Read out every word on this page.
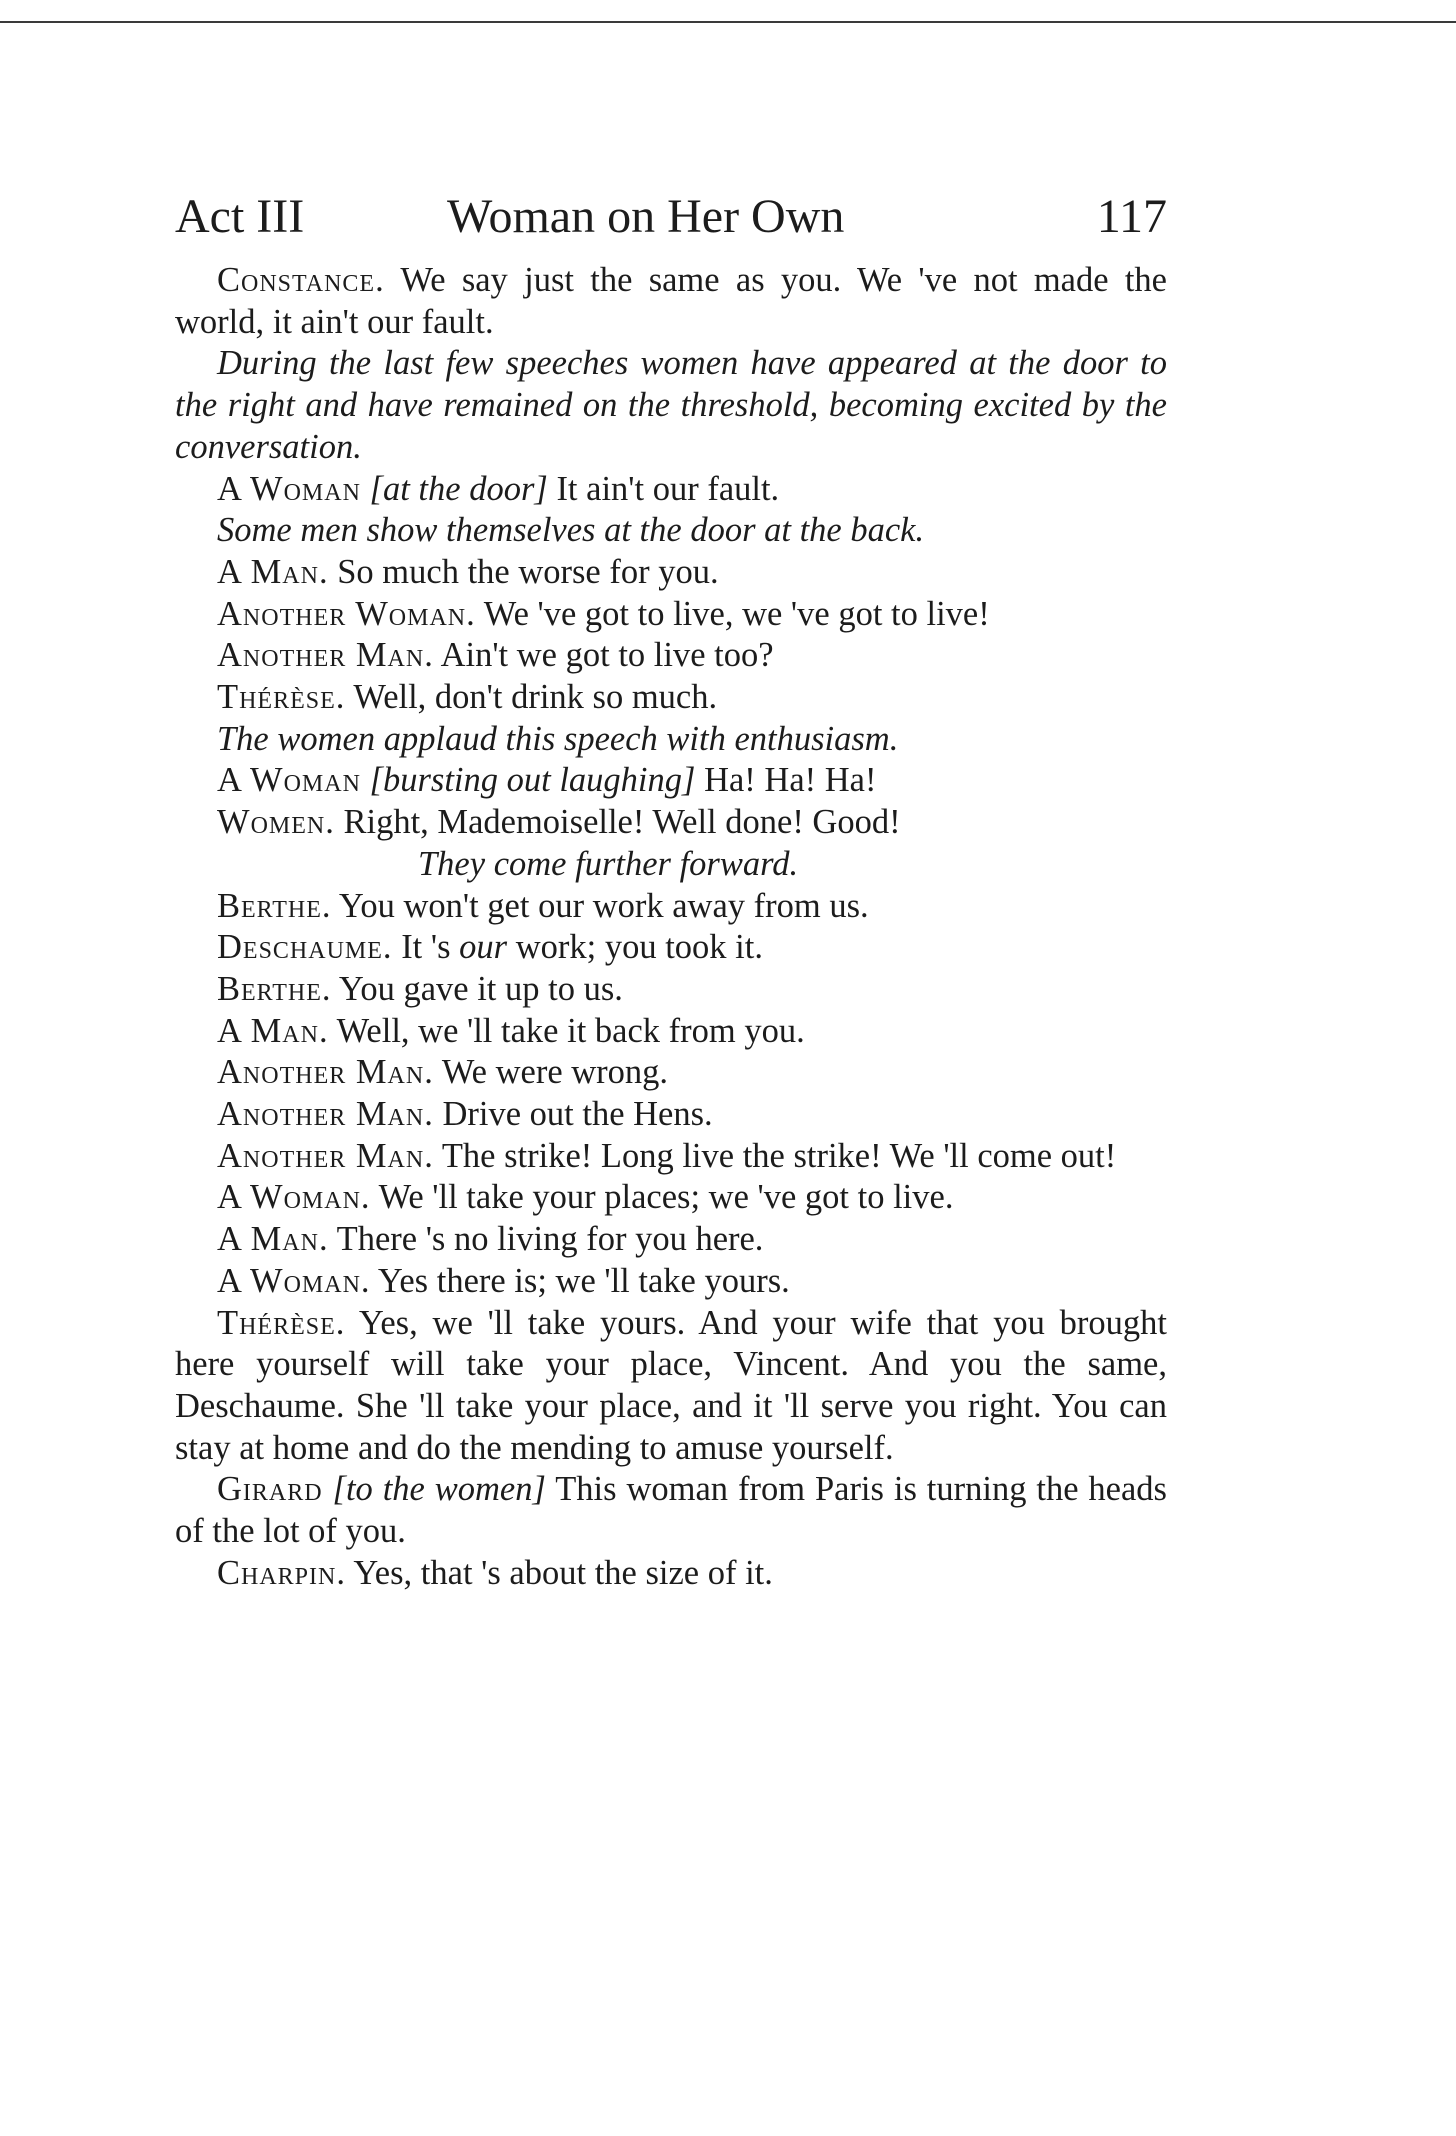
Act III	Woman on Her Own	117

Constance. We say just the same as you. We 've not made the world, it ain't our fault.

During the last few speeches women have appeared at the door to the right and have remained on the threshold, becoming excited by the conversation.

A Woman [at the door] It ain't our fault.

Some men show themselves at the door at the back.

A Man. So much the worse for you.

Another Woman. We 've got to live, we 've got to live!

Another Man. Ain't we got to live too?

Thérèse. Well, don't drink so much.

The women applaud this speech with enthusiasm.

A Woman [bursting out laughing] Ha! Ha! Ha!

Women. Right, Mademoiselle! Well done! Good!

They come further forward.

Berthe. You won't get our work away from us.

Deschaume. It 's our work; you took it.

Berthe. You gave it up to us.

A Man. Well, we 'll take it back from you.

Another Man. We were wrong.

Another Man. Drive out the Hens.

Another Man. The strike! Long live the strike! We 'll come out!

A Woman. We 'll take your places; we 've got to live.

A Man. There 's no living for you here.

A Woman. Yes there is; we 'll take yours.

Thérèse. Yes, we 'll take yours. And your wife that you brought here yourself will take your place, Vincent. And you the same, Deschaume. She 'll take your place, and it 'll serve you right. You can stay at home and do the mending to amuse yourself.

Girard [to the women] This woman from Paris is turning the heads of the lot of you.

Charpin. Yes, that 's about the size of it.
